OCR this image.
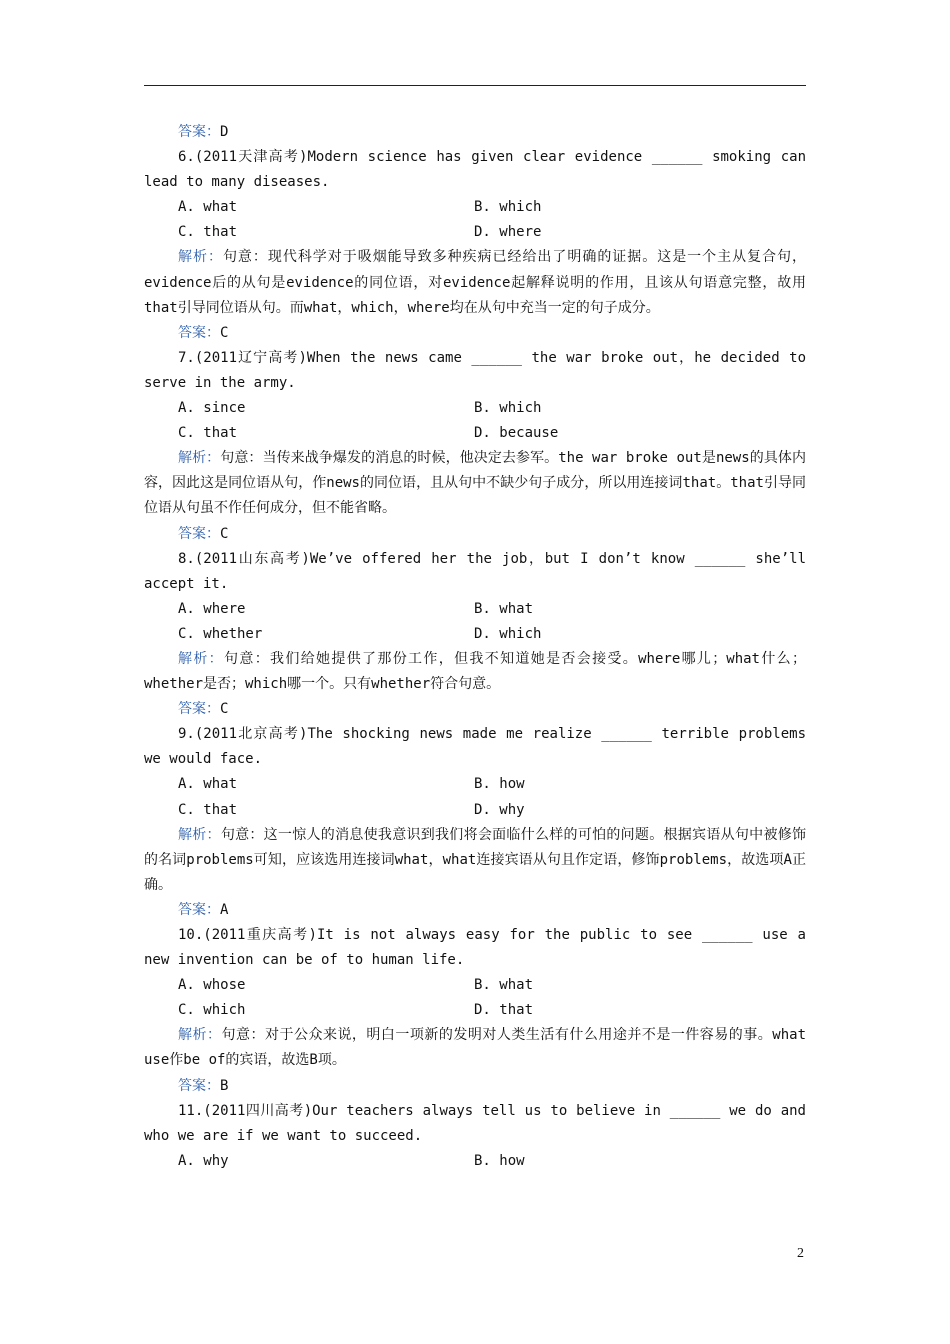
答案：D

6.(2011天津高考)Modern science has given clear evidence ______ smoking can lead to many diseases.

A. what	B. which
C. that	D. where

解析：句意：现代科学对于吸烟能导致多种疾病已经给出了明确的证据。这是一个主从复合句，evidence后的从句是evidence的同位语，对evidence起解释说明的作用，且该从句语意完整，故用that引导同位语从句。而what，which，where均在从句中充当一定的句子成分。

答案：C

7.(2011辽宁高考)When the news came ______ the war broke out，he decided to serve in the army.

A. since	B. which
C. that	D. because

解析：句意：当传来战争爆发的消息的时候，他决定去参军。the war broke out是news的具体内容，因此这是同位语从句，作news的同位语，且从句中不缺少句子成分，所以用连接词that。that引导同位语从句虽不作任何成分，但不能省略。

答案：C

8.(2011山东高考)We’ve offered her the job，but I don’t know ______ she’ll accept it.

A. where	B. what
C. whether	D. which

解析：句意：我们给她提供了那份工作，但我不知道她是否会接受。where哪儿；what什么；whether是否；which哪一个。只有whether符合句意。

答案：C

9.(2011北京高考)The shocking news made me realize ______ terrible problems we would face.

A. what	B. how
C. that	D. why

解析：句意：这一惊人的消息使我意识到我们将会面临什么样的可怕的问题。根据宾语从句中被修饰的名词problems可知，应该选用连接词what，what连接宾语从句且作定语，修饰problems，故选项A正确。

答案：A

10.(2011重庆高考)It is not always easy for the public to see ______ use a new invention can be of to human life.

A. whose	B. what
C. which	D. that

解析：句意：对于公众来说，明白一项新的发明对人类生活有什么用途并不是一件容易的事。what use作be of的宾语，故选B项。

答案：B

11.(2011四川高考)Our teachers always tell us to believe in ______ we do and who we are if we want to succeed.

A. why	B. how
2
